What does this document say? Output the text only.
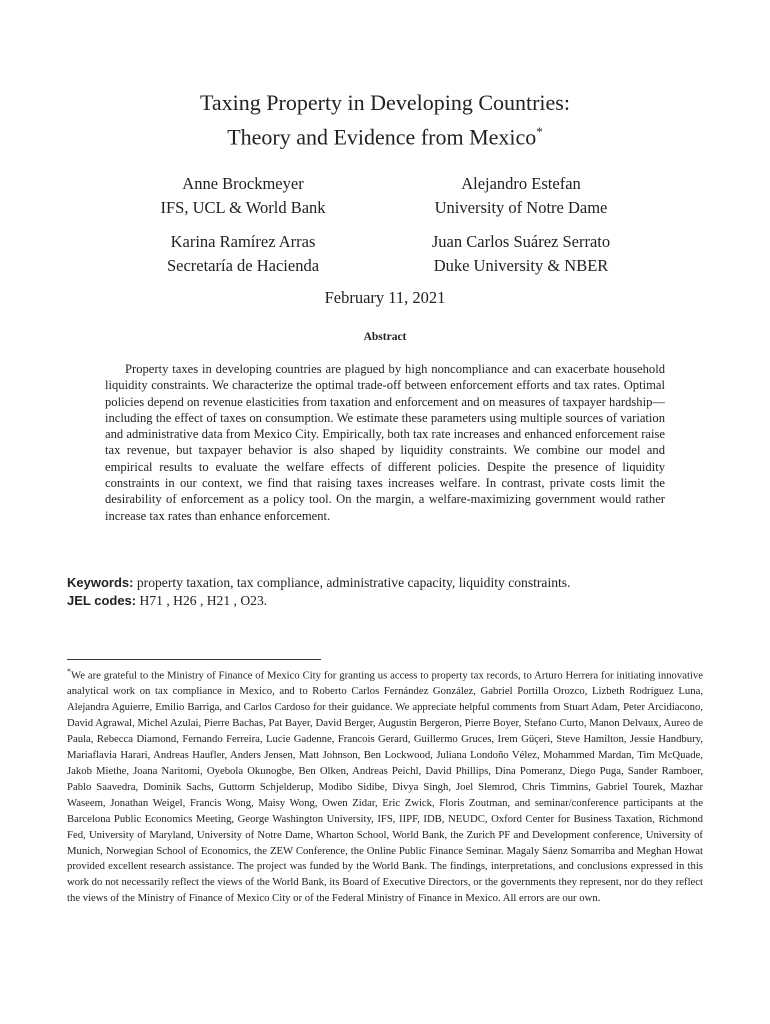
Taxing Property in Developing Countries:
Theory and Evidence from Mexico*
Anne Brockmeyer
IFS, UCL & World Bank
Alejandro Estefan
University of Notre Dame
Karina Ramírez Arras
Secretaría de Hacienda
Juan Carlos Suárez Serrato
Duke University & NBER
February 11, 2021
Abstract

Property taxes in developing countries are plagued by high noncompliance and can exacerbate household liquidity constraints. We characterize the optimal trade-off between enforcement efforts and tax rates. Optimal policies depend on revenue elasticities from taxation and enforcement and on measures of taxpayer hardship—including the effect of taxes on consumption. We estimate these parameters using multiple sources of variation and administrative data from Mexico City. Empirically, both tax rate increases and enhanced enforcement raise tax revenue, but taxpayer behavior is also shaped by liquidity constraints. We combine our model and empirical results to evaluate the welfare effects of different policies. Despite the presence of liquidity constraints in our context, we find that raising taxes increases welfare. In contrast, private costs limit the desirability of enforcement as a policy tool. On the margin, a welfare-maximizing government would rather increase tax rates than enhance enforcement.

Keywords: property taxation, tax compliance, administrative capacity, liquidity constraints.
JEL codes: H71 , H26 , H21 , O23.

*We are grateful to the Ministry of Finance of Mexico City for granting us access to property tax records, to Arturo Herrera for initiating innovative analytical work on tax compliance in Mexico, and to Roberto Carlos Fernández González, Gabriel Portilla Orozco, Lizbeth Rodríguez Luna, Alejandra Aguierre, Emilio Barriga, and Carlos Cardoso for their guidance. We appreciate helpful comments from Stuart Adam, Peter Arcidiacono, David Agrawal, Michel Azulai, Pierre Bachas, Pat Bayer, David Berger, Augustin Bergeron, Pierre Boyer, Stefano Curto, Manon Delvaux, Aureo de Paula, Rebecca Diamond, Fernando Ferreira, Lucie Gadenne, Francois Gerard, Guillermo Gruces, Irem Güçeri, Steve Hamilton, Jessie Handbury, Mariaflavia Harari, Andreas Haufler, Anders Jensen, Matt Johnson, Ben Lockwood, Juliana Londoño Vélez, Mohammed Mardan, Tim McQuade, Jakob Miethe, Joana Naritomi, Oyebola Okunogbe, Ben Olken, Andreas Peichl, David Phillips, Dina Pomeranz, Diego Puga, Sander Ramboer, Pablo Saavedra, Dominik Sachs, Guttorm Schjelderup, Modibo Sidibe, Divya Singh, Joel Slemrod, Chris Timmins, Gabriel Tourek, Mazhar Waseem, Jonathan Weigel, Francis Wong, Maisy Wong, Owen Zidar, Eric Zwick, Floris Zoutman, and seminar/conference participants at the Barcelona Public Economics Meeting, George Washington University, IFS, IIPF, IDB, NEUDC, Oxford Center for Business Taxation, Richmond Fed, University of Maryland, University of Notre Dame, Wharton School, World Bank, the Zurich PF and Development conference, University of Munich, Norwegian School of Economics, the ZEW Conference, the Online Public Finance Seminar. Magaly Sáenz Somarriba and Meghan Howat provided excellent research assistance. The project was funded by the World Bank. The findings, interpretations, and conclusions expressed in this work do not necessarily reflect the views of the World Bank, its Board of Executive Directors, or the governments they represent, nor do they reflect the views of the Ministry of Finance of Mexico City or of the Federal Ministry of Finance in Mexico. All errors are our own.
